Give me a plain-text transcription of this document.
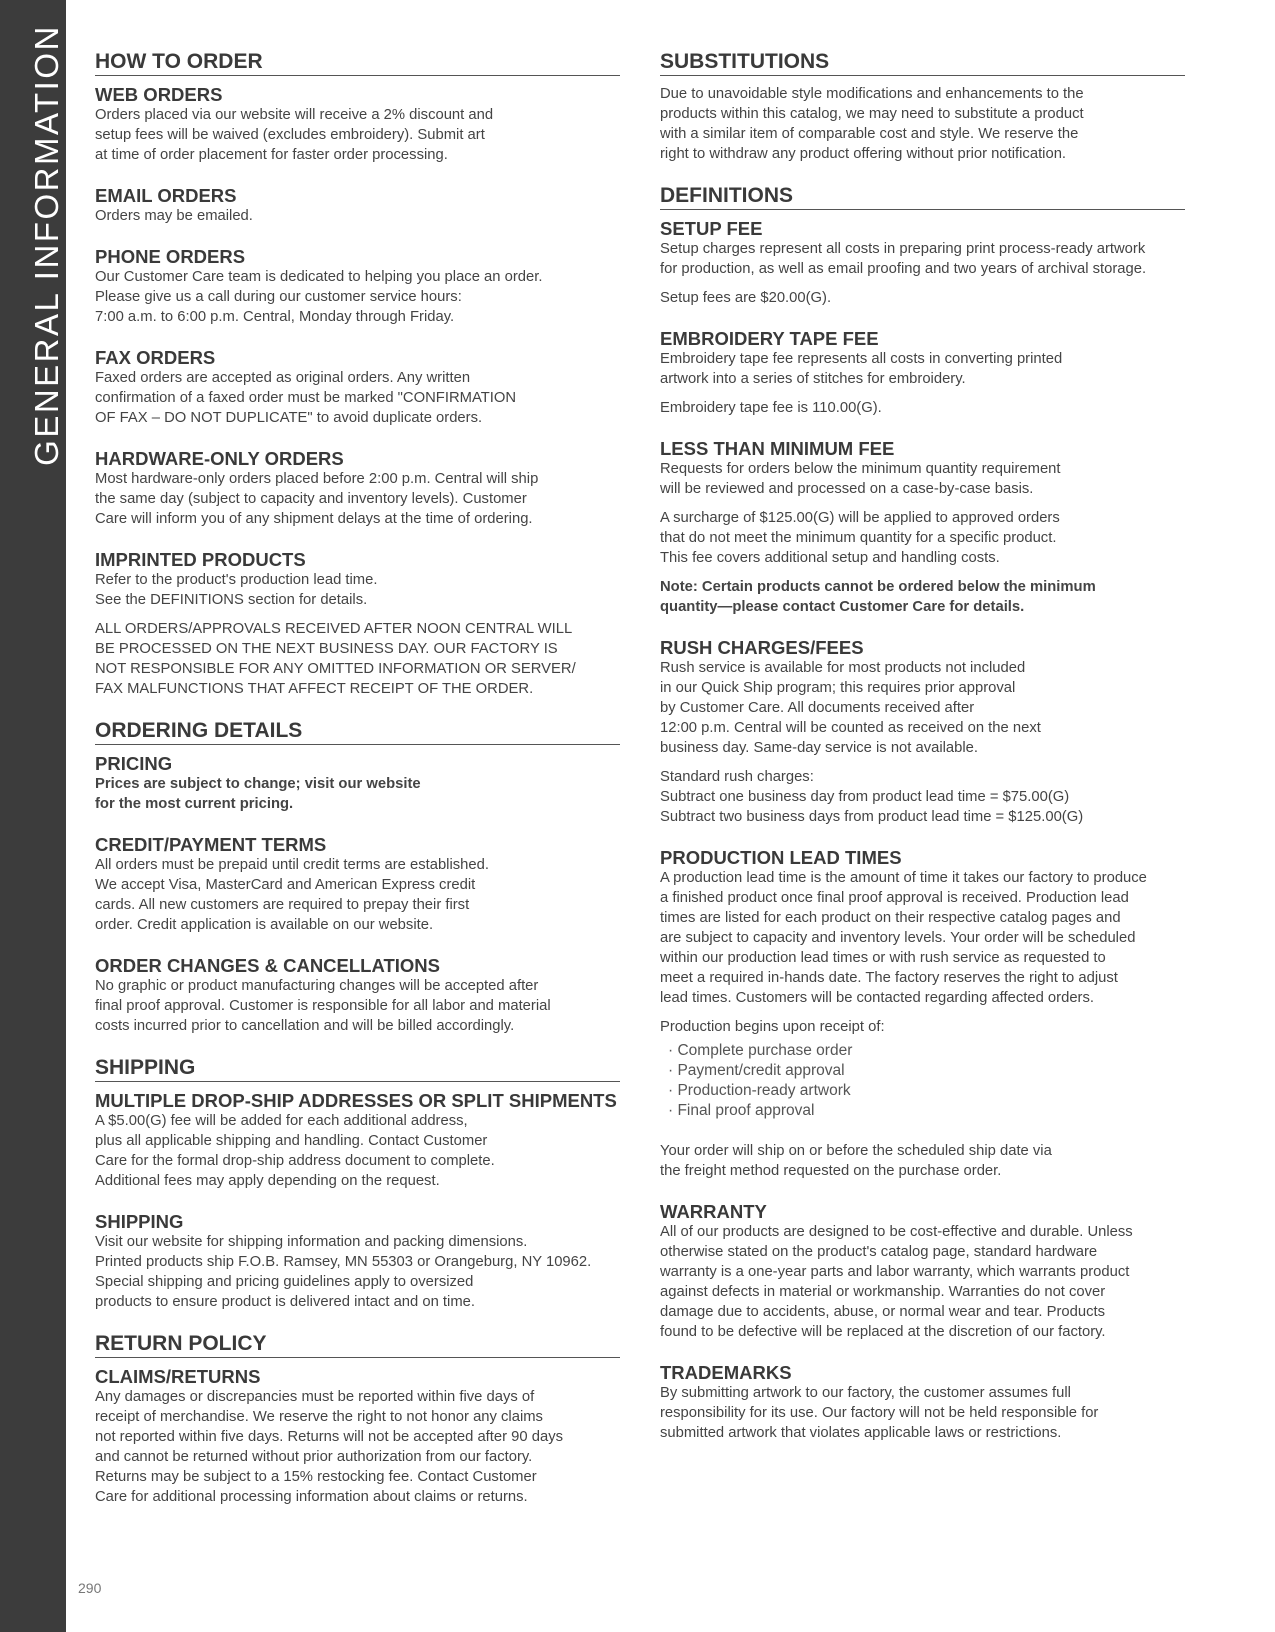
GENERAL INFORMATION HOW TO ORDER
WEB ORDERS

Orders placed via our website will receive a 2% discount and
setup fees will be waived (excludes embroidery). Submit art
at time of order placement for faster order processing.

EMAIL ORDERS

Orders may be emailed.

PHONE ORDERS

Our Customer Care team is dedicated to helping you place an order.
Please give us a call during our customer service hours:
7:00 a.m. to 6:00 p.m. Central, Monday through Friday.

FAX ORDERS

Faxed orders are accepted as original orders. Any written
confirmation of a faxed order must be marked "CONFIRMATION
OF FAX – DO NOT DUPLICATE" to avoid duplicate orders.

HARDWARE-ONLY ORDERS

Most hardware-only orders placed before 2:00 p.m. Central will ship
the same day (subject to capacity and inventory levels). Customer
Care will inform you of any shipment delays at the time of ordering.

IMPRINTED PRODUCTS

Refer to the product's production lead time.
See the DEFINITIONS section for details.

ALL ORDERS/APPROVALS RECEIVED AFTER NOON CENTRAL WILL
BE PROCESSED ON THE NEXT BUSINESS DAY. OUR FACTORY IS
NOT RESPONSIBLE FOR ANY OMITTED INFORMATION OR SERVER/
FAX MALFUNCTIONS THAT AFFECT RECEIPT OF THE ORDER.

ORDERING DETAILS
PRICING

Prices are subject to change; visit our website
for the most current pricing.

CREDIT/PAYMENT TERMS

All orders must be prepaid until credit terms are established.
We accept Visa, MasterCard and American Express credit
cards. All new customers are required to prepay their first
order. Credit application is available on our website.

ORDER CHANGES & CANCELLATIONS

No graphic or product manufacturing changes will be accepted after
final proof approval. Customer is responsible for all labor and material
costs incurred prior to cancellation and will be billed accordingly.

SHIPPING
MULTIPLE DROP-SHIP ADDRESSES OR SPLIT SHIPMENTS

A $5.00(G) fee will be added for each additional address,
plus all applicable shipping and handling. Contact Customer
Care for the formal drop-ship address document to complete.
Additional fees may apply depending on the request.

SHIPPING

Visit our website for shipping information and packing dimensions.
Printed products ship F.O.B. Ramsey, MN 55303 or Orangeburg, NY 10962.
Special shipping and pricing guidelines apply to oversized
products to ensure product is delivered intact and on time.

RETURN POLICY
CLAIMS/RETURNS

Any damages or discrepancies must be reported within five days of
receipt of merchandise. We reserve the right to not honor any claims
not reported within five days. Returns will not be accepted after 90 days
and cannot be returned without prior authorization from our factory.
Returns may be subject to a 15% restocking fee. Contact Customer
Care for additional processing information about claims or returns.

SUBSTITUTIONS

Due to unavoidable style modifications and enhancements to the
products within this catalog, we may need to substitute a product
with a similar item of comparable cost and style. We reserve the
right to withdraw any product offering without prior notification.

DEFINITIONS
SETUP FEE

Setup charges represent all costs in preparing print process-ready artwork
for production, as well as email proofing and two years of archival storage.

Setup fees are $20.00(G).

EMBROIDERY TAPE FEE

Embroidery tape fee represents all costs in converting printed
artwork into a series of stitches for embroidery.

Embroidery tape fee is 110.00(G).

LESS THAN MINIMUM FEE

Requests for orders below the minimum quantity requirement
will be reviewed and processed on a case-by-case basis.

A surcharge of $125.00(G) will be applied to approved orders
that do not meet the minimum quantity for a specific product.
This fee covers additional setup and handling costs.

Note: Certain products cannot be ordered below the minimum
quantity—please contact Customer Care for details.

RUSH CHARGES/FEES

Rush service is available for most products not included
in our Quick Ship program; this requires prior approval
by Customer Care. All documents received after
12:00 p.m. Central will be counted as received on the next
business day. Same-day service is not available.

Standard rush charges:
Subtract one business day from product lead time = $75.00(G)
Subtract two business days from product lead time = $125.00(G)

PRODUCTION LEAD TIMES

A production lead time is the amount of time it takes our factory to produce
a finished product once final proof approval is received. Production lead
times are listed for each product on their respective catalog pages and
are subject to capacity and inventory levels. Your order will be scheduled
within our production lead times or with rush service as requested to
meet a required in-hands date. The factory reserves the right to adjust
lead times. Customers will be contacted regarding affected orders.

Production begins upon receipt of:

· Complete purchase order
· Payment/credit approval
· Production-ready artwork
· Final proof approval

Your order will ship on or before the scheduled ship date via
the freight method requested on the purchase order.

WARRANTY

All of our products are designed to be cost-effective and durable. Unless
otherwise stated on the product's catalog page, standard hardware
warranty is a one-year parts and labor warranty, which warrants product
against defects in material or workmanship. Warranties do not cover
damage due to accidents, abuse, or normal wear and tear. Products
found to be defective will be replaced at the discretion of our factory.

TRADEMARKS

By submitting artwork to our factory, the customer assumes full
responsibility for its use. Our factory will not be held responsible for
submitted artwork that violates applicable laws or restrictions.

290
